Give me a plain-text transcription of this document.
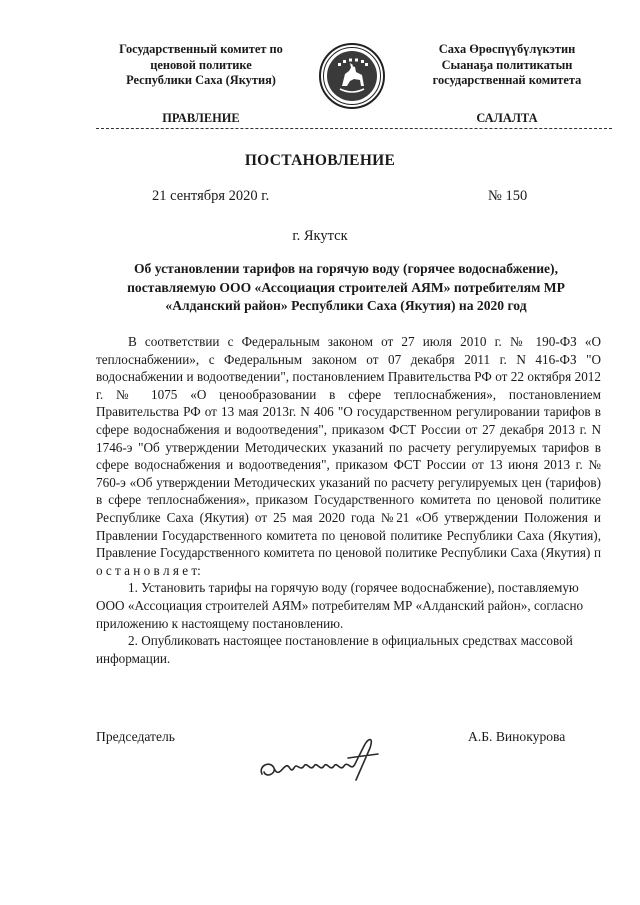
Государственный комитет по
ценовой политике
Республики Саха (Якутия)
Саха Өрөспүүбүлүкэтин
Сыанаҕа политикатын
государственнай комитета
ПРАВЛЕНИЕ	САЛАЛТА
ПОСТАНОВЛЕНИЕ
21 сентября 2020 г.	№ 150
г. Якутск
Об установлении тарифов на горячую воду (горячее водоснабжение),
поставляемую ООО «Ассоциация строителей АЯМ» потребителям МР
«Алданский район» Республики Саха (Якутия) на 2020 год

В соответствии с Федеральным законом от 27 июля 2010 г. № 190-ФЗ «О теплоснабжении», с Федеральным законом от 07 декабря 2011 г. N 416-ФЗ "О водоснабжении и водоотведении", постановлением Правительства РФ от 22 октября 2012 г. № 1075 «О ценообразовании в сфере теплоснабжения», постановлением Правительства РФ от 13 мая 2013г. N 406 "О государственном регулировании тарифов в сфере водоснабжения и водоотведения", приказом ФСТ России от 27 декабря 2013 г. N 1746-э "Об утверждении Методических указаний по расчету регулируемых тарифов в сфере водоснабжения и водоотведения", приказом ФСТ России от 13 июня 2013 г. № 760-э «Об утверждении Методических указаний по расчету регулируемых цен (тарифов) в сфере теплоснабжения», приказом Государственного комитета по ценовой политике Республике Саха (Якутия) от 25 мая 2020 года №21 «Об утверждении Положения и Правлении Государственного комитета по ценовой политике Республики Саха (Якутия), Правление Государственного комитета по ценовой политике Республики Саха (Якутия) п о с т а н о в л я е т:

1. Установить тарифы на горячую воду (горячее водоснабжение), поставляемую ООО «Ассоциация строителей АЯМ» потребителям МР «Алданский район», согласно приложению к настоящему постановлению.

2. Опубликовать настоящее постановление в официальных средствах массовой информации.

Председатель	А.Б. Винокурова
